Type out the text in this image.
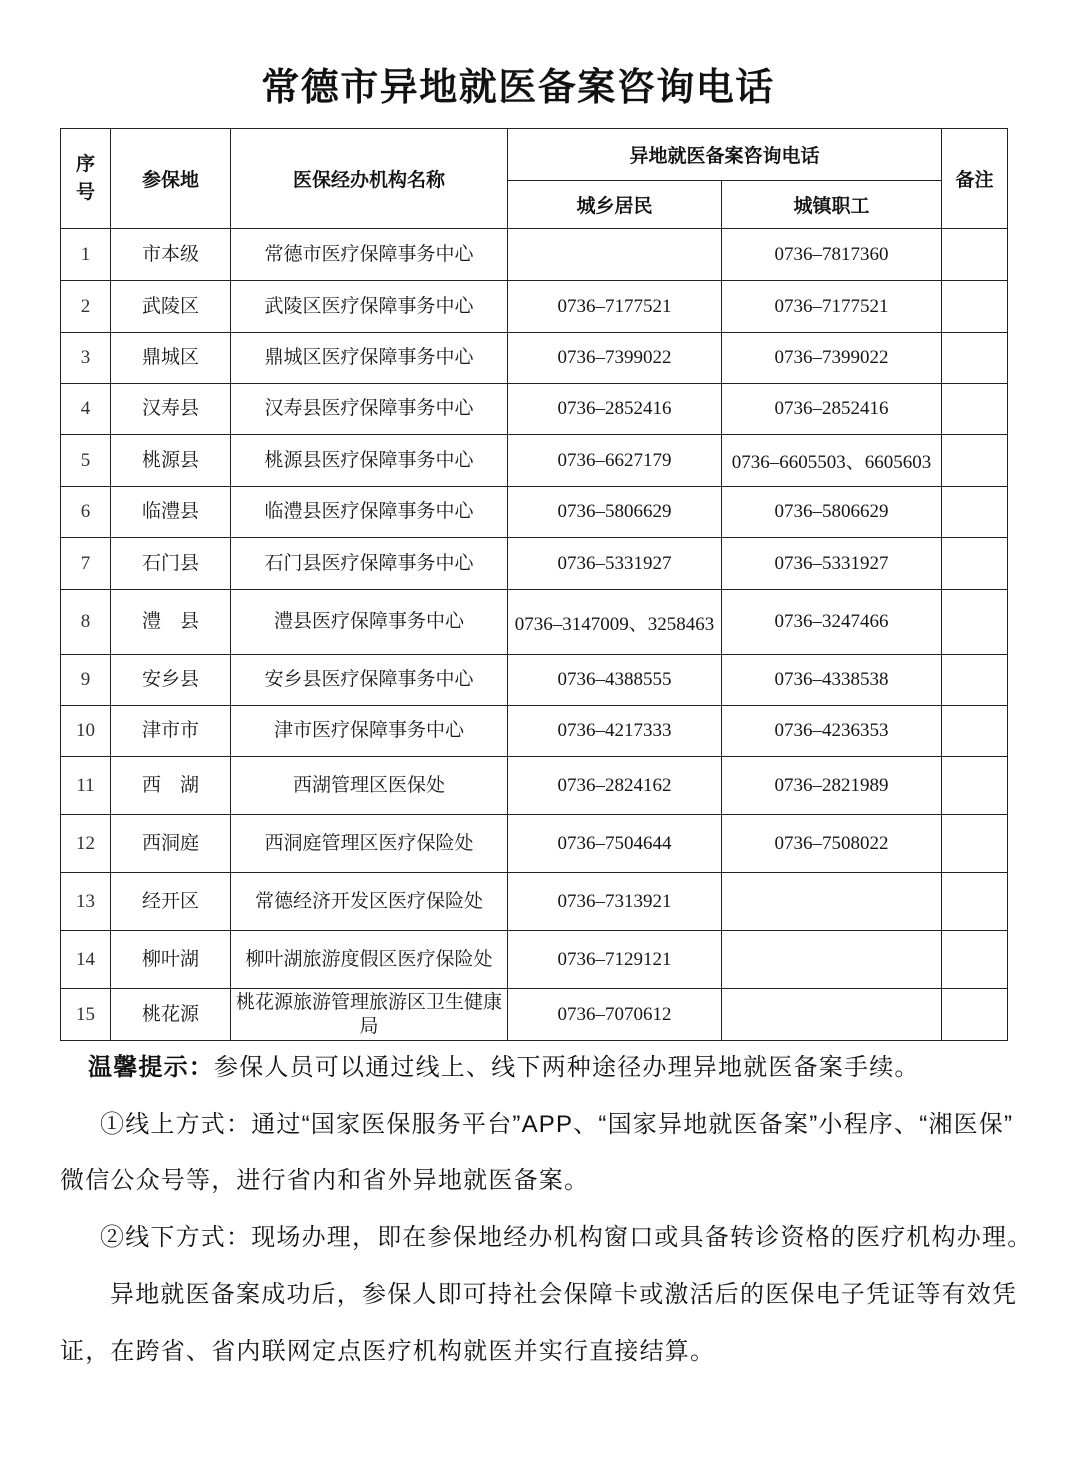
常德市异地就医备案咨询电话
序号	参保地	医保经办机构名称	异地就医备案咨询电话		备注
			城乡居民	城镇职工	
1	市本级	常德市医疗保障事务中心		0736–7817360	
2	武陵区	武陵区医疗保障事务中心	0736–7177521	0736–7177521	
3	鼎城区	鼎城区医疗保障事务中心	0736–7399022	0736–7399022	
4	汉寿县	汉寿县医疗保障事务中心	0736–2852416	0736–2852416	
5	桃源县	桃源县医疗保障事务中心	0736–6627179	0736–6605503、6605603	
6	临澧县	临澧县医疗保障事务中心	0736–5806629	0736–5806629	
7	石门县	石门县医疗保障事务中心	0736–5331927	0736–5331927	
8	澧　县	澧县医疗保障事务中心	0736–3147009、3258463	0736–3247466	
9	安乡县	安乡县医疗保障事务中心	0736–4388555	0736–4338538	
10	津市市	津市医疗保障事务中心	0736–4217333	0736–4236353	
11	西　湖	西湖管理区医保处	0736–2824162	0736–2821989	
12	西洞庭	西洞庭管理区医疗保险处	0736–7504644	0736–7508022	
13	经开区	常德经济开发区医疗保险处	0736–7313921		
14	柳叶湖	柳叶湖旅游度假区医疗保险处	0736–7129121		
15	桃花源	桃花源旅游管理旅游区卫生健康局	0736–7070612		
温馨提示：参保人员可以通过线上、线下两种途径办理异地就医备案手续。
①线上方式：通过“国家医保服务平台”APP、“国家异地就医备案”小程序、“湘医保”
微信公众号等，进行省内和省外异地就医备案。
②线下方式：现场办理，即在参保地经办机构窗口或具备转诊资格的医疗机构办理。
异地就医备案成功后，参保人即可持社会保障卡或激活后的医保电子凭证等有效凭
证，在跨省、省内联网定点医疗机构就医并实行直接结算。
